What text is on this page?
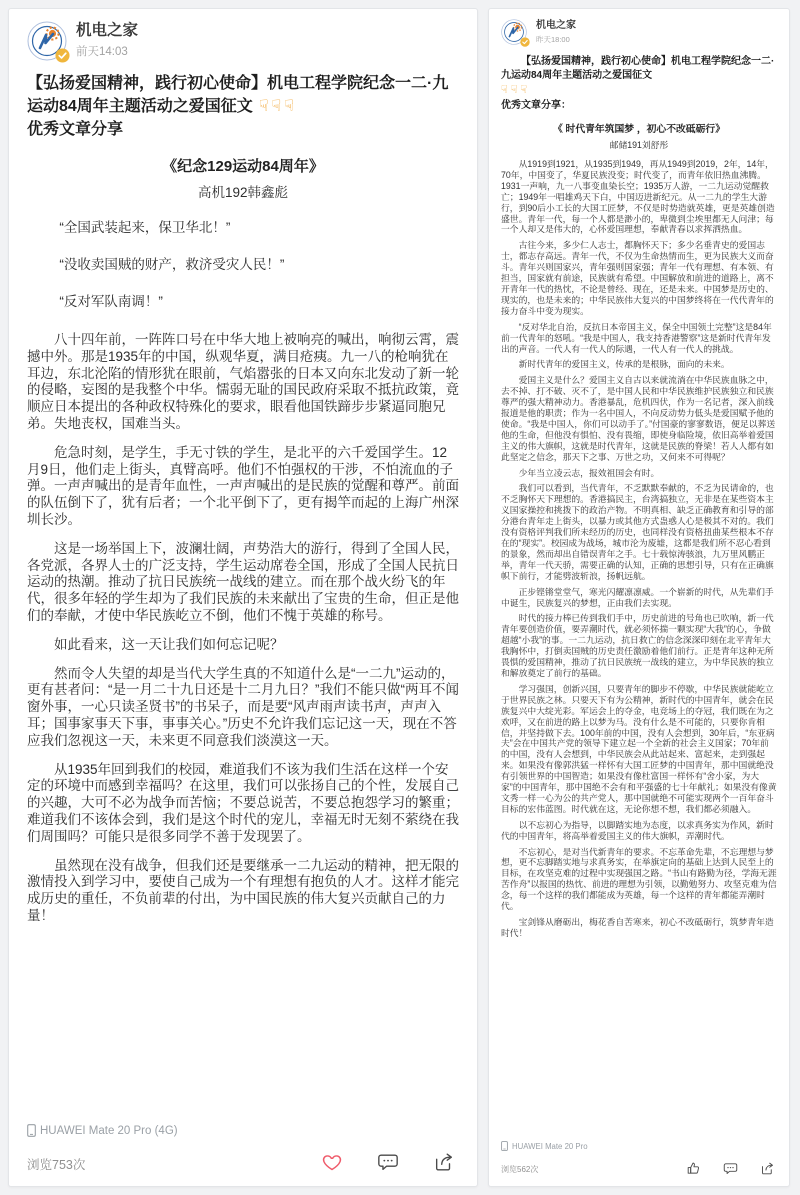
机电之家
前天14:03
【弘扬爱国精神，践行初心使命】机电工程学院纪念一二·九运动84周年主题活动之爱国征文 ☟☟☟
优秀文章分享
《纪念129运动84周年》
高机192韩鑫彪
“全国武装起来，保卫华北！”
“没收卖国贼的财产，救济受灾人民！”
“反对军队南调！”
八十四年前，一阵阵口号在中华大地上被响亮的喊出，响彻云霄，震撼中外。那是1935年的中国，纵观华夏，满目疮痍。九一八的枪响犹在耳边，东北沦陷的情形犹在眼前，气焰嚣张的日本又向东北发动了新一轮的侵略，妄图的是我整个中华。懦弱无耻的国民政府采取不抵抗政策，竟顺应日本提出的各种政权特殊化的要求，眼看他国铁蹄步步紧逼同胞兄弟。失地丧权，国难当头。
危急时刻，是学生，手无寸铁的学生，是北平的六千爱国学生。12月9日，他们走上街头，真臂高呼。他们不怕强权的干涉，不怕流血的子弹。一声声喊出的是青年血性，一声声喊出的是民族的觉醒和尊严。前面的队伍倒下了，犹有后者；一个北平倒下了，更有揭竿而起的上海广州深圳长沙。
这是一场举国上下，波澜壮阔，声势浩大的游行，得到了全国人民，各党派，各界人士的广泛支持，学生运动席卷全国，形成了全国人民抗日运动的热潮。推动了抗日民族统一战线的建立。而在那个战火纷飞的年代，很多年轻的学生却为了我们民族的未来献出了宝贵的生命，但正是他们的奉献，才使中华民族屹立不倒，他们不愧于英雄的称号。
如此看来，这一天让我们如何忘记呢？
然而令人失望的却是当代大学生真的不知道什么是“一二九”运动的，更有甚者问：“是一月二十九日还是十二月九日？”我们不能只做“两耳不闻窗外事，一心只读圣贤书”的书呆子，而是要“风声雨声读书声，声声入耳；国事家事天下事，事事关心。”历史不允许我们忘记这一天，现在不答应我们忽视这一天，未来更不同意我们淡漠这一天。
从1935年回到我们的校园，难道我们不该为我们生活在这样一个安定的环境中而感到幸福吗？在这里，我们可以张扬自己的个性，发展自己的兴趣，大可不必为战争而苦恼；不要总说苦，不要总抱怨学习的繁重；难道我们不该体会到，我们是这个时代的宠儿，幸福无时无刻不萦绕在我们周围吗？可能只是很多同学不善于发现罢了。
虽然现在没有战争，但我们还是要继承一二九运动的精神，把无限的激情投入到学习中，要使自己成为一个有理想有抱负的人才。这样才能完成历史的重任，不负前辈的付出，为中国民族的伟大复兴贡献自己的力量！
HUAWEI Mate 20 Pro (4G)
浏览753次
机电之家
昨天18:00
【弘扬爱国精神，践行初心使命】机电工程学院纪念一二·九运动84周年主题活动之爱国征文
☟☟☟
优秀文章分享：
《 时代青年筑国梦 ，初心不改砥砺行》
邮储191刘舒彤
从1919到1921，从1935到1949，再从1949到2019，2年，14年，70年，中国变了，华夏民族没变；时代变了，而青年依旧热血沸腾。1931一声响，九一八事变血染长空；1935万人游，一二九运动觉醒救亡；1949年一唱雄鸡天下白，中国迈进新纪元。从一二九的学生大游行，到90后小工长的大国工匠梦，不仅是时势造就英雄，更是英雄创造盛世。青年一代，每一个人都是渺小的，卑微到尘埃里都无人问津；每一个人却又是伟大的，心怀爱国理想，奉献青春以求挥洒热血。
古往今来，多少仁人志士，都胸怀天下；多少名垂青史的爱国志士，都志存高远。青年一代，不仅为生命热情而生，更为民族大义而奋斗。青年兴则国家兴，青年强则国家强；青年一代有理想、有本领、有担当，国家就有前途，民族就有希望。中国解放和前进的道路上，离不开青年一代的热忱，不论是曾经、现在，还是未来。中国梦是历史的、现实的，也是未来的；中华民族伟大复兴的中国梦终将在一代代青年的接力奋斗中变为现实。
“反对华北自治，反抗日本帝国主义，保全中国领土完整”这是84年前一代青年的怒吼。“我是中国人，我支持香港警察”这是新时代青年发出的声音。一代人有一代人的际遇，一代人有一代人的挑战。
新时代青年的爱国主义，传承的是根脉，面向的未来。
爱国主义是什么？爱国主义自古以来就流淌在中华民族血脉之中，去不掉、打不破、灭不了，是中国人民和中华民族维护民族独立和民族尊严的强大精神动力。香港暴乱，危机四伏，作为一名记者，深入前线报道是他的职责；作为一名中国人，不向反动势力低头是爱国赋予他的使命。“我是中国人，你们可以动手了。”付国豪的寥寥数语，便足以葬送他的生命，但他没有惧怕、没有畏缩，即使身临险境，依旧高举着爱国主义的伟大旗帜，这就是时代青年，这就是民族的脊梁！若人人都有如此坚定之信念，那天下之事、万世之功，又何来不可得呢？
少年当立凌云志，报效祖国会有时。
我们可以看到，当代青年，不乏默默奉献的，不乏为民请命的，也不乏胸怀天下理想的。香港搞民主，台湾搞独立，无非是在某些资本主义国家操控和挑拨下的政治产物。不明真相、缺乏正确教育和引导的部分港台青年走上街头，以暴力或其他方式蛊惑人心是极其不对的。我们没有资格评判我们所未经历的历史，也同样没有资格扭曲某些根本不存在的“现实”。校园成为战场，城市沦为废墟，这都是我们所不忍心看到的景象，然而却出自错误青年之手。七十载惊涛骇浪，九万里风鹏正举，青年一代天骄，需要正确的认知，正确的思想引导，只有在正确旗帜下前行，才能劈波斩浪，扬帆远航。
正步铿锵堂堂气，寒光闪耀凛凛威。一个崭新的时代，从先辈们手中诞生，民族复兴的梦想，正由我们去实现。
时代的接力棒已传到我们手中，历史前进的号角也已吹响，新一代青年要创造价值，要弄潮时代，就必须怀揣一颗实现“大我”的心，争做超越“小我”的事。一二九运动，抗日救亡的信念深深印刻在北平青年大我胸怀中，打倒卖国贼的历史责任激励着他们前行。正是青年这种无所畏惧的爱国精神，推动了抗日民族统一战线的建立，为中华民族的独立和解放奠定了前行的基础。
学习强国，创新兴国，只要青年的脚步不停歇，中华民族就能屹立于世界民族之林。只要天下有为公精神，新时代的中国青年，就会在民族复兴中大绽光彩。军运会上的夺金，电竞场上的夺冠，我们既在为之欢呼，又在前进的路上以梦为马。没有什么是不可能的，只要你肯相信，并坚持做下去。100年前的中国，没有人会想到，30年后，“东亚病夫”会在中国共产党的领导下建立起一个全新的社会主义国家；70年前的中国，没有人会想到，中华民族会从此站起来、富起来，走到强起来。如果没有像郭洪猛一样怀有大国工匠梦的中国青年，那中国就绝没有引领世界的中国智造；如果没有像杜富国一样怀有“舍小家，为大家”的中国青年，那中国绝不会有和平强盛的七十年献礼；如果没有像黄文秀一样一心为公的共产党人，那中国就绝不可能实现两个一百年奋斗目标的宏伟蓝图。时代就在这，无论你想不想，我们都必须融入。
以不忘初心为指导，以脚踏实地为态度，以求真务实为作风，新时代的中国青年，将高举着爱国主义的伟大旗帜，弄潮时代。
不忘初心，是对当代新青年的要求。不忘革命先辈，不忘理想与梦想，更不忘脚踏实地与求真务实，在举旗定向的基础上达到人民至上的目标，在攻坚克难的过程中实现强国之路。“书山有路勤为径，学海无涯苦作舟”以报国的热忱、前进的理想为引领，以勤勉努力、攻坚克难为信念，每一个这样的我们都能成为英雄，每一个这样的青年都能弄潮时代。
宝剑锋从磨砺出，梅花香自苦寒来，初心不改砥砺行，筑梦青年造时代！
HUAWEI Mate 20 Pro
浏览562次
